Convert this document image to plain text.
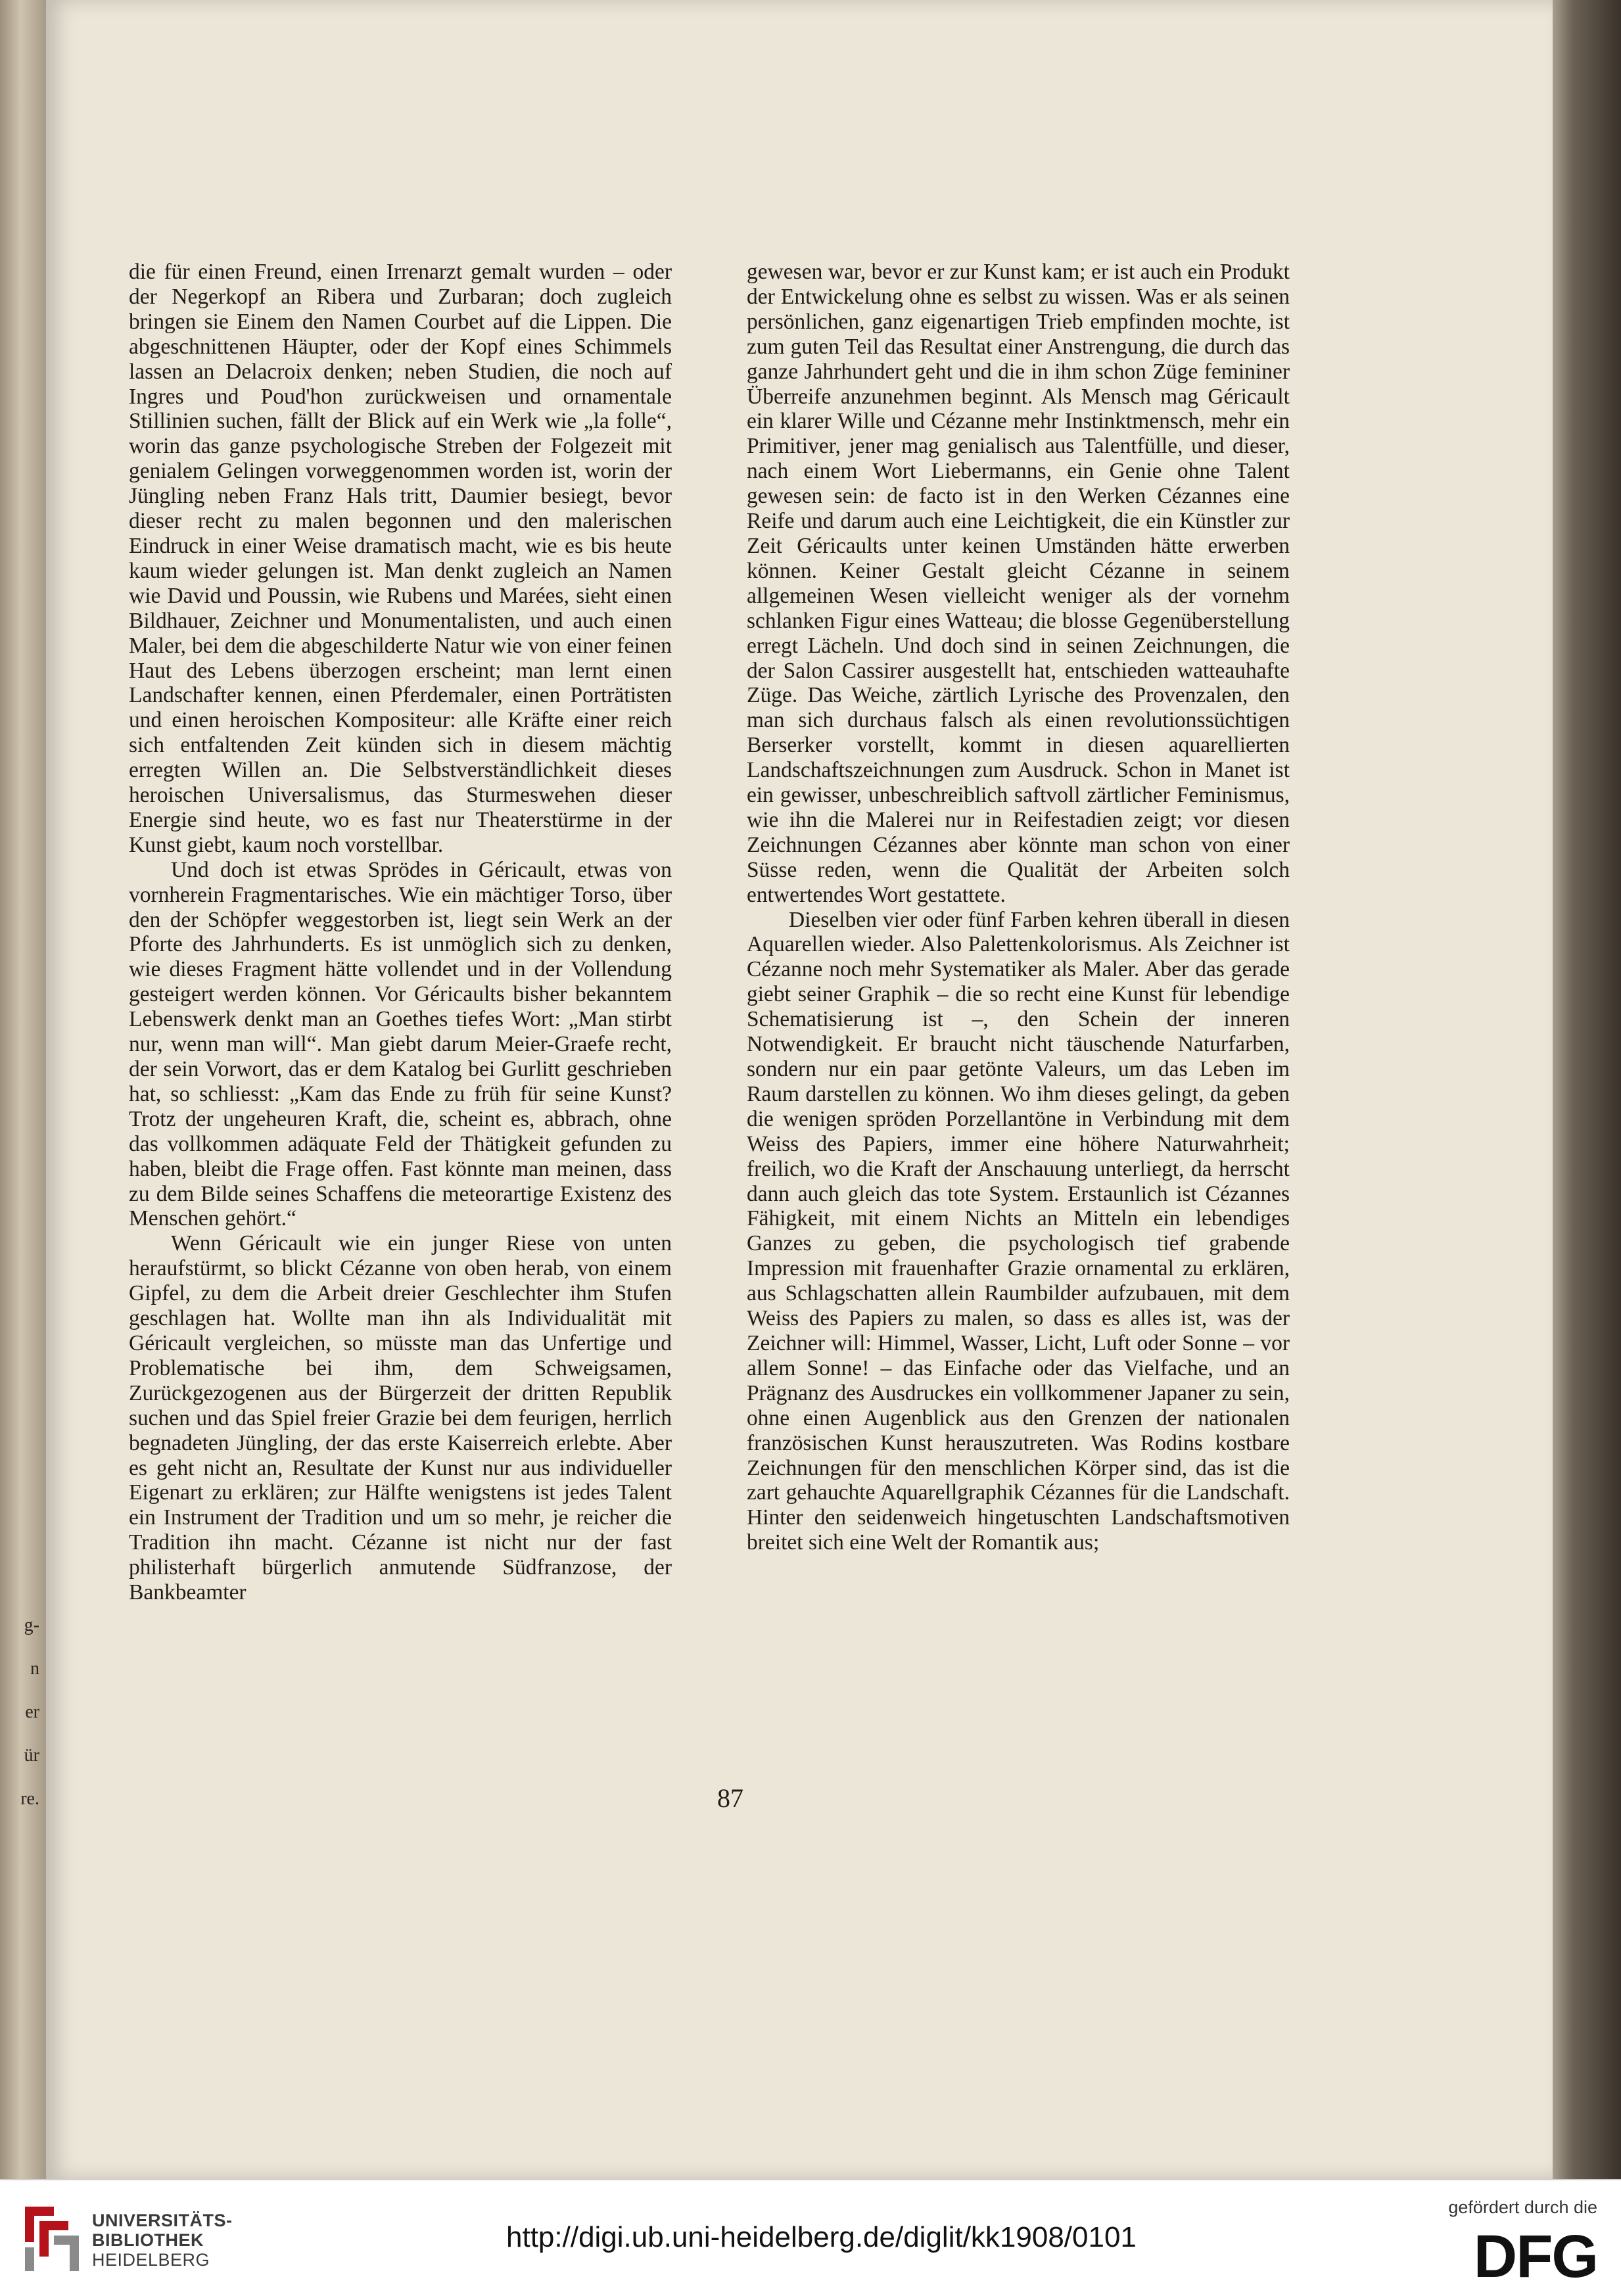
g-
n
er
ür
re.

die für einen Freund, einen Irrenarzt gemalt wurden – oder der Negerkopf an Ribera und Zurbaran; doch zugleich bringen sie Einem den Namen Courbet auf die Lippen. Die abgeschnittenen Häupter, oder der Kopf eines Schimmels lassen an Delacroix denken; neben Studien, die noch auf Ingres und Poud'hon zurückweisen und ornamentale Stillinien suchen, fällt der Blick auf ein Werk wie „la folle“, worin das ganze psychologische Streben der Folgezeit mit genialem Gelingen vorweggenommen worden ist, worin der Jüngling neben Franz Hals tritt, Daumier besiegt, bevor dieser recht zu malen begonnen und den malerischen Eindruck in einer Weise dramatisch macht, wie es bis heute kaum wieder gelungen ist. Man denkt zugleich an Namen wie David und Poussin, wie Rubens und Marées, sieht einen Bildhauer, Zeichner und Monumentalisten, und auch einen Maler, bei dem die abgeschilderte Natur wie von einer feinen Haut des Lebens überzogen erscheint; man lernt einen Landschafter kennen, einen Pferdemaler, einen Porträtisten und einen heroischen Kompositeur: alle Kräfte einer reich sich entfaltenden Zeit künden sich in diesem mächtig erregten Willen an. Die Selbstverständlichkeit dieses heroischen Universalismus, das Sturmeswehen dieser Energie sind heute, wo es fast nur Theaterstürme in der Kunst giebt, kaum noch vorstellbar.

Und doch ist etwas Sprödes in Géricault, etwas von vornherein Fragmentarisches. Wie ein mächtiger Torso, über den der Schöpfer weggestorben ist, liegt sein Werk an der Pforte des Jahrhunderts. Es ist unmöglich sich zu denken, wie dieses Fragment hätte vollendet und in der Vollendung gesteigert werden können. Vor Géricaults bisher bekanntem Lebenswerk denkt man an Goethes tiefes Wort: „Man stirbt nur, wenn man will“. Man giebt darum Meier-Graefe recht, der sein Vorwort, das er dem Katalog bei Gurlitt geschrieben hat, so schliesst: „Kam das Ende zu früh für seine Kunst? Trotz der ungeheuren Kraft, die, scheint es, abbrach, ohne das vollkommen adäquate Feld der Thätigkeit gefunden zu haben, bleibt die Frage offen. Fast könnte man meinen, dass zu dem Bilde seines Schaffens die meteorartige Existenz des Menschen gehört.“

Wenn Géricault wie ein junger Riese von unten heraufstürmt, so blickt Cézanne von oben herab, von einem Gipfel, zu dem die Arbeit dreier Geschlechter ihm Stufen geschlagen hat. Wollte man ihn als Individualität mit Géricault vergleichen, so müsste man das Unfertige und Problematische bei ihm, dem Schweigsamen, Zurückgezogenen aus der Bürgerzeit der dritten Republik suchen und das Spiel freier Grazie bei dem feurigen, herrlich begnadeten Jüngling, der das erste Kaiserreich erlebte. Aber es geht nicht an, Resultate der Kunst nur aus individueller Eigenart zu erklären; zur Hälfte wenigstens ist jedes Talent ein Instrument der Tradition und um so mehr, je reicher die Tradition ihn macht. Cézanne ist nicht nur der fast philisterhaft bürgerlich anmutende Südfranzose, der Bankbeamter

gewesen war, bevor er zur Kunst kam; er ist auch ein Produkt der Entwickelung ohne es selbst zu wissen. Was er als seinen persönlichen, ganz eigenartigen Trieb empfinden mochte, ist zum guten Teil das Resultat einer Anstrengung, die durch das ganze Jahrhundert geht und die in ihm schon Züge femininer Überreife anzunehmen beginnt. Als Mensch mag Géricault ein klarer Wille und Cézanne mehr Instinktmensch, mehr ein Primitiver, jener mag genialisch aus Talentfülle, und dieser, nach einem Wort Liebermanns, ein Genie ohne Talent gewesen sein: de facto ist in den Werken Cézannes eine Reife und darum auch eine Leichtigkeit, die ein Künstler zur Zeit Géricaults unter keinen Umständen hätte erwerben können. Keiner Gestalt gleicht Cézanne in seinem allgemeinen Wesen vielleicht weniger als der vornehm schlanken Figur eines Watteau; die blosse Gegenüberstellung erregt Lächeln. Und doch sind in seinen Zeichnungen, die der Salon Cassirer ausgestellt hat, entschieden watteauhafte Züge. Das Weiche, zärtlich Lyrische des Provenzalen, den man sich durchaus falsch als einen revolutionssüchtigen Berserker vorstellt, kommt in diesen aquarellierten Landschaftszeichnungen zum Ausdruck. Schon in Manet ist ein gewisser, unbeschreiblich saftvoll zärtlicher Feminismus, wie ihn die Malerei nur in Reifestadien zeigt; vor diesen Zeichnungen Cézannes aber könnte man schon von einer Süsse reden, wenn die Qualität der Arbeiten solch entwertendes Wort gestattete.

Dieselben vier oder fünf Farben kehren überall in diesen Aquarellen wieder. Also Palettenkolorismus. Als Zeichner ist Cézanne noch mehr Systematiker als Maler. Aber das gerade giebt seiner Graphik – die so recht eine Kunst für lebendige Schematisierung ist –, den Schein der inneren Notwendigkeit. Er braucht nicht täuschende Naturfarben, sondern nur ein paar getönte Valeurs, um das Leben im Raum darstellen zu können. Wo ihm dieses gelingt, da geben die wenigen spröden Porzellantöne in Verbindung mit dem Weiss des Papiers, immer eine höhere Naturwahrheit; freilich, wo die Kraft der Anschauung unterliegt, da herrscht dann auch gleich das tote System. Erstaunlich ist Cézannes Fähigkeit, mit einem Nichts an Mitteln ein lebendiges Ganzes zu geben, die psychologisch tief grabende Impression mit frauenhafter Grazie ornamental zu erklären, aus Schlagschatten allein Raumbilder aufzubauen, mit dem Weiss des Papiers zu malen, so dass es alles ist, was der Zeichner will: Himmel, Wasser, Licht, Luft oder Sonne – vor allem Sonne! – das Einfache oder das Vielfache, und an Prägnanz des Ausdruckes ein vollkommener Japaner zu sein, ohne einen Augenblick aus den Grenzen der nationalen französischen Kunst herauszutreten. Was Rodins kostbare Zeichnungen für den menschlichen Körper sind, das ist die zart gehauchte Aquarellgraphik Cézannes für die Landschaft. Hinter den seidenweich hingetuschten Landschaftsmotiven breitet sich eine Welt der Romantik aus;

87
UNIVERSITÄTS-
BIBLIOTHEK
HEIDELBERG
http://digi.ub.uni-heidelberg.de/diglit/kk1908/0101
gefördert durch die
DFG
